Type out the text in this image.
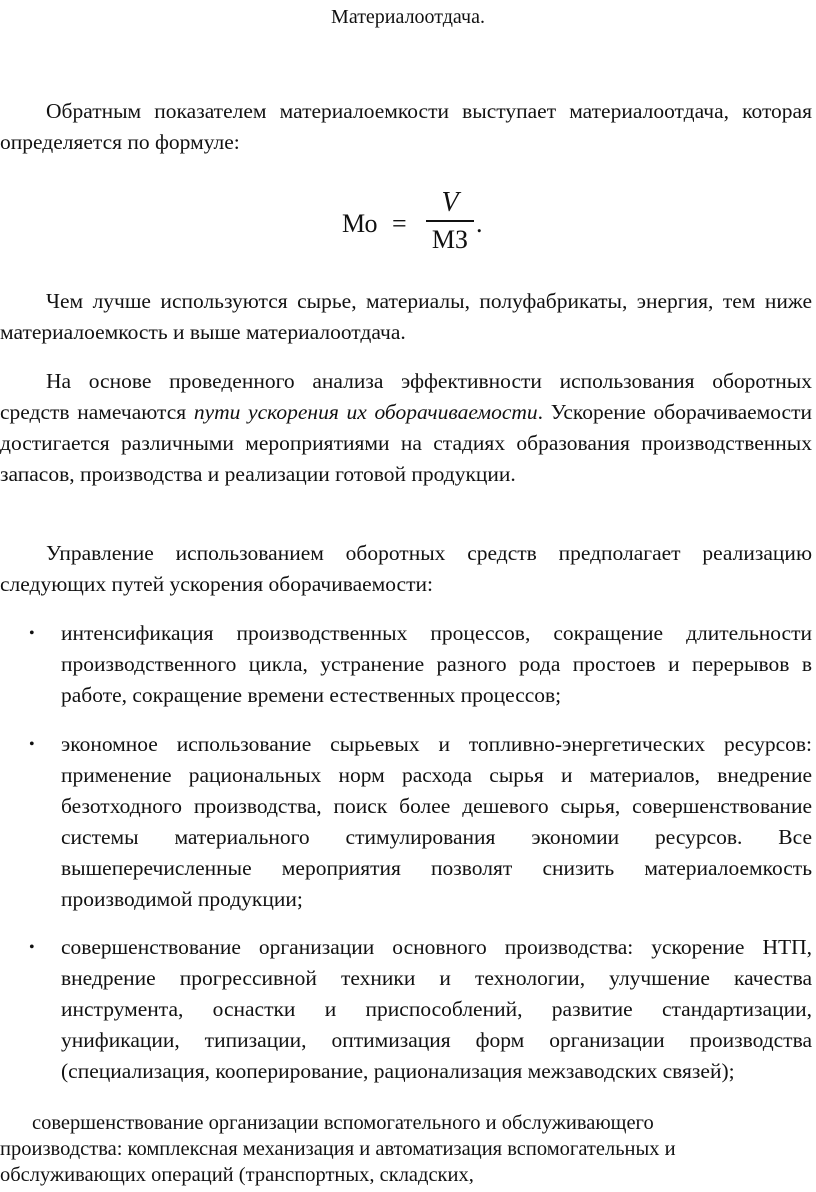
Материалоотдача.

Обратным показателем материалоемкости выступает материалоотдача, которая определяется по формуле:

Мо =
V
МЗ
.

Чем лучше используются сырье, материалы, полуфабрикаты, энергия, тем ниже материалоемкость и выше материалоотдача.

На основе проведенного анализа эффективности использования оборотных средств намечаются пути ускорения их оборачиваемости. Ускорение оборачиваемости достигается различными мероприятиями на стадиях образования производственных запасов, производства и реализации готовой продукции.

Управление использованием оборотных средств предполагает реализацию следующих путей ускорения оборачиваемости:

• интенсификация производственных процессов, сокращение длительности производственного цикла, устранение разного рода простоев и перерывов в работе, сокращение времени естественных процессов;
• экономное использование сырьевых и топливно-энергетических ресурсов: применение рациональных норм расхода сырья и материалов, внедрение безотходного производства, поиск более дешевого сырья, совершенствование системы материального стимулирования экономии ресурсов. Все вышеперечисленные мероприятия позволят снизить материалоемкость производимой продукции;
• совершенствование организации основного производства: ускорение НТП, внедрение прогрессивной техники и технологии, улучшение качества инструмента, оснастки и приспособлений, развитие стандартизации, унификации, типизации, оптимизация форм организации производства (специализация, кооперирование, рационализация межзаводских связей);
совершенствование организации вспомогательного и обслуживающего
производства: комплексная механизация и автоматизация вспомогательных и
обслуживающих операций (транспортных, складских,
